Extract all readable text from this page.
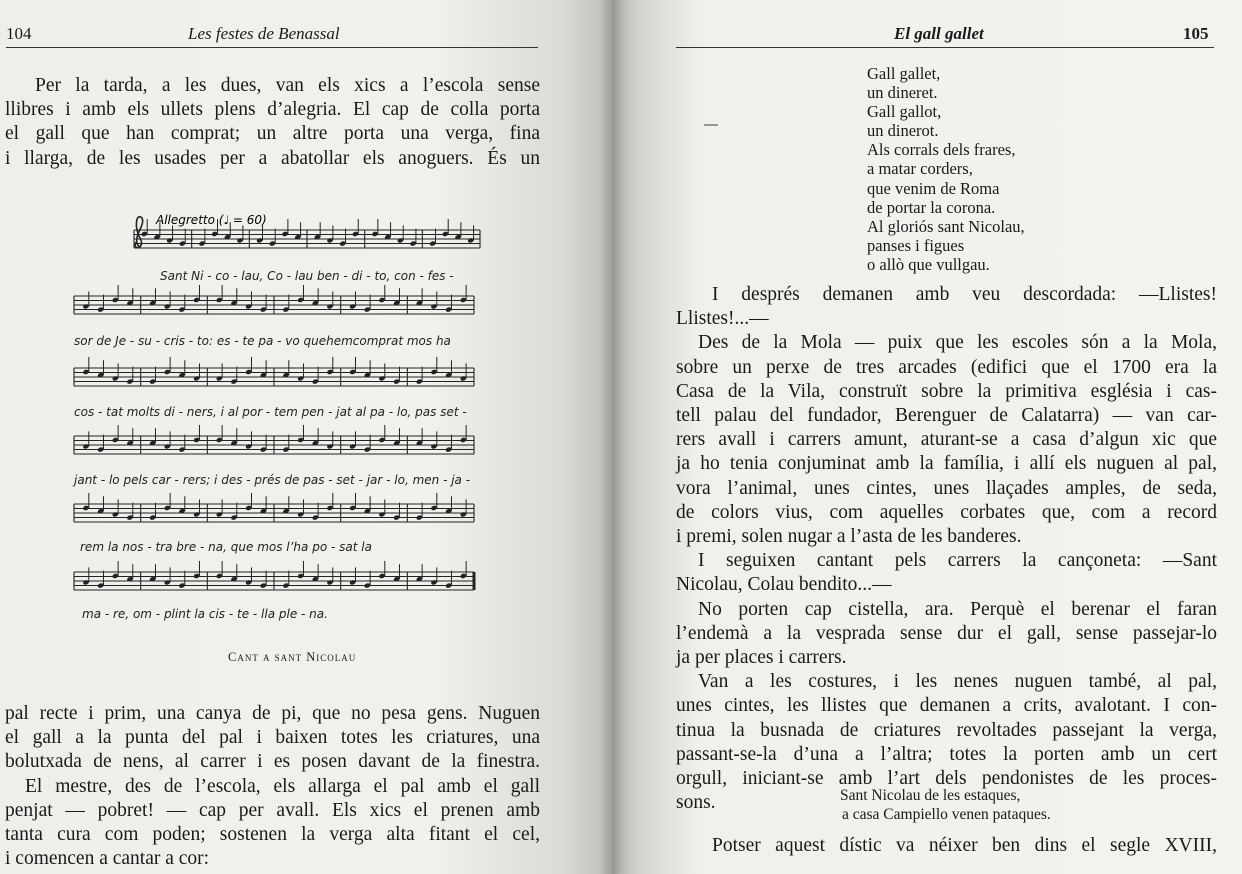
104	Les festes de Benassal

Per la tarda, a les dues, van els xics a l’escola sense
llibres i amb els ullets plens d’alegria. El cap de colla porta
el gall que han comprat; un altre porta una verga, fina
i llarga, de les usades per a abatollar els anoguers. És un

Allegretto (♩ = 60)
Sant Ni - co - lau, Co - lau ben - di - to, con - fes -
sor de Je - su - cris - to: es - te pa - vo quehemcomprat mos ha
cos - tat molts di - ners, i al por - tem pen - jat al pa - lo, pas set -
jant - lo pels car - rers; i des - prés de pas - set - jar - lo, men - ja -
rem la nos - tra bre - na, que mos l’ha po - sat la
ma - re, om - plint la cis - te - lla ple - na.
Cant a sant Nicolau

pal recte i prim, una canya de pi, que no pesa gens. Nuguen
el gall a la punta del pal i baixen totes les criatures, una
bolutxada de nens, al carrer i es posen davant de la finestra.
El mestre, des de l’escola, els allarga el pal amb el gall
penjat — pobret! — cap per avall. Els xics el prenen amb
tanta cura com poden; sostenen la verga alta fitant el cel,
i comencen a cantar a cor:

El gall gallet	105
Gall gallet,
un dineret.
Gall gallot,
un dinerot.
Als corrals dels frares,
a matar corders,
que venim de Roma
de portar la corona.
Al gloriós sant Nicolau,
panses i figues
o allò que vullgau.

I després demanen amb veu descordada: —Llistes!
Llistes!...—
Des de la Mola — puix que les escoles són a la Mola,
sobre un perxe de tres arcades (edifici que el 1700 era la
Casa de la Vila, construït sobre la primitiva església i cas-
tell palau del fundador, Berenguer de Calatarra) — van car-
rers avall i carrers amunt, aturant-se a casa d’algun xic que
ja ho tenia conjuminat amb la família, i allí els nuguen al pal,
vora l’animal, unes cintes, unes llaçades amples, de seda,
de colors vius, com aquelles corbates que, com a record
i premi, solen nugar a l’asta de les banderes.
I seguixen cantant pels carrers la cançoneta: —Sant
Nicolau, Colau bendito...—
No porten cap cistella, ara. Perquè el berenar el faran
l’endemà a la vesprada sense dur el gall, sense passejar-lo
ja per places i carrers.
Van a les costures, i les nenes nuguen també, al pal,
unes cintes, les llistes que demanen a crits, avalotant. I con-
tinua la busnada de criatures revoltades passejant la verga,
passant-se-la d’una a l’altra; totes la porten amb un cert
orgull, iniciant-se amb l’art dels pendonistes de les proces-
sons.	Sant Nicolau de les estaques,
a casa Campiello venen pataques.

Potser aquest dístic va néixer ben dins el segle XVIII,
